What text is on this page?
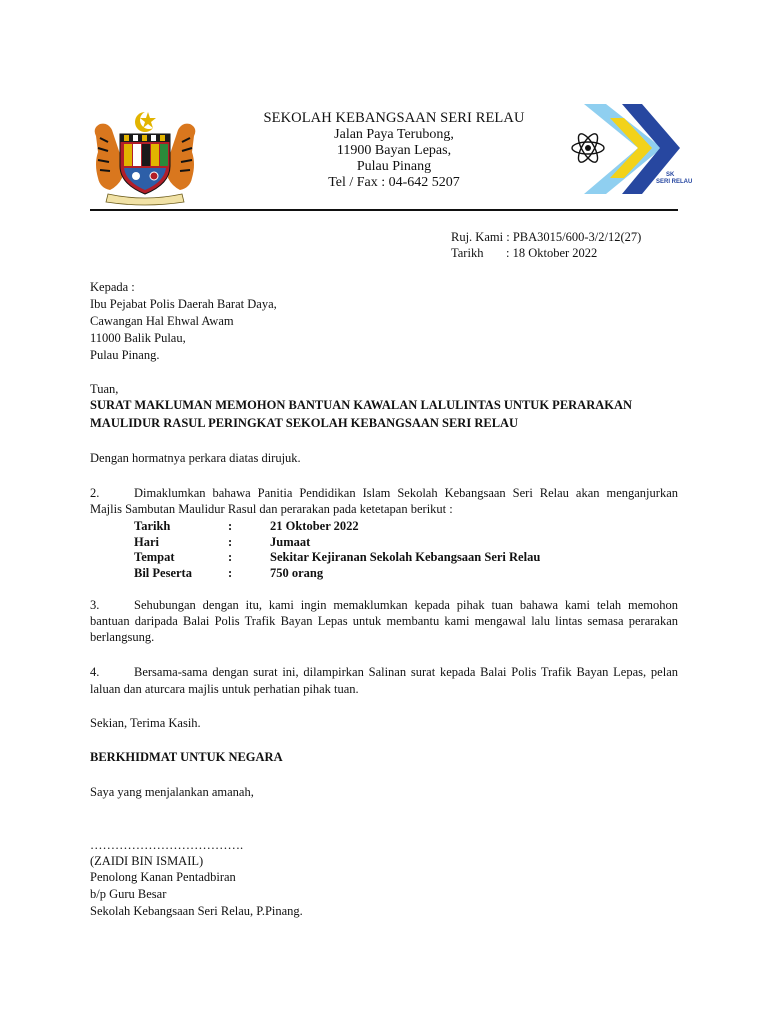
SK
SERI RELAU
SEKOLAH KEBANGSAAN SERI RELAU
Jalan Paya Terubong,
11900 Bayan Lepas,
Pulau Pinang
Tel / Fax : 04-642 5207
Ruj. Kami : PBA3015/600-3/2/12(27)
Tarikh : 18 Oktober 2022
Kepada :
Ibu Pejabat Polis Daerah Barat Daya,
Cawangan Hal Ehwal Awam
11000 Balik Pulau,
Pulau Pinang.
Tuan,
SURAT MAKLUMAN MEMOHON BANTUAN KAWALAN LALULINTAS UNTUK PERARAKAN
MAULIDUR RASUL PERINGKAT SEKOLAH KEBANGSAAN SERI RELAU
Dengan hormatnya perkara diatas dirujuk.
2.	Dimaklumkan bahawa Panitia Pendidikan Islam Sekolah Kebangsaan Seri Relau akan menganjurkan
Majlis Sambutan Maulidur Rasul dan perarakan pada ketetapan berikut :
Tarikh	:	21 Oktober 2022
Hari	:	Jumaat
Tempat	:	Sekitar Kejiranan Sekolah Kebangsaan Seri Relau
Bil Peserta	:	750 orang
3.	Sehubungan dengan itu, kami ingin memaklumkan kepada pihak tuan bahawa kami telah memohon
bantuan daripada Balai Polis Trafik Bayan Lepas untuk membantu kami mengawal lalu lintas semasa perarakan
berlangsung.
4.	Bersama-sama dengan surat ini, dilampirkan Salinan surat kepada Balai Polis Trafik Bayan Lepas, pelan
laluan dan aturcara majlis untuk perhatian pihak tuan.
Sekian, Terima Kasih.
BERKHIDMAT UNTUK NEGARA
Saya yang menjalankan amanah,
……………………………….
(ZAIDI BIN ISMAIL)
Penolong Kanan Pentadbiran
b/p Guru Besar
Sekolah Kebangsaan Seri Relau, P.Pinang.
